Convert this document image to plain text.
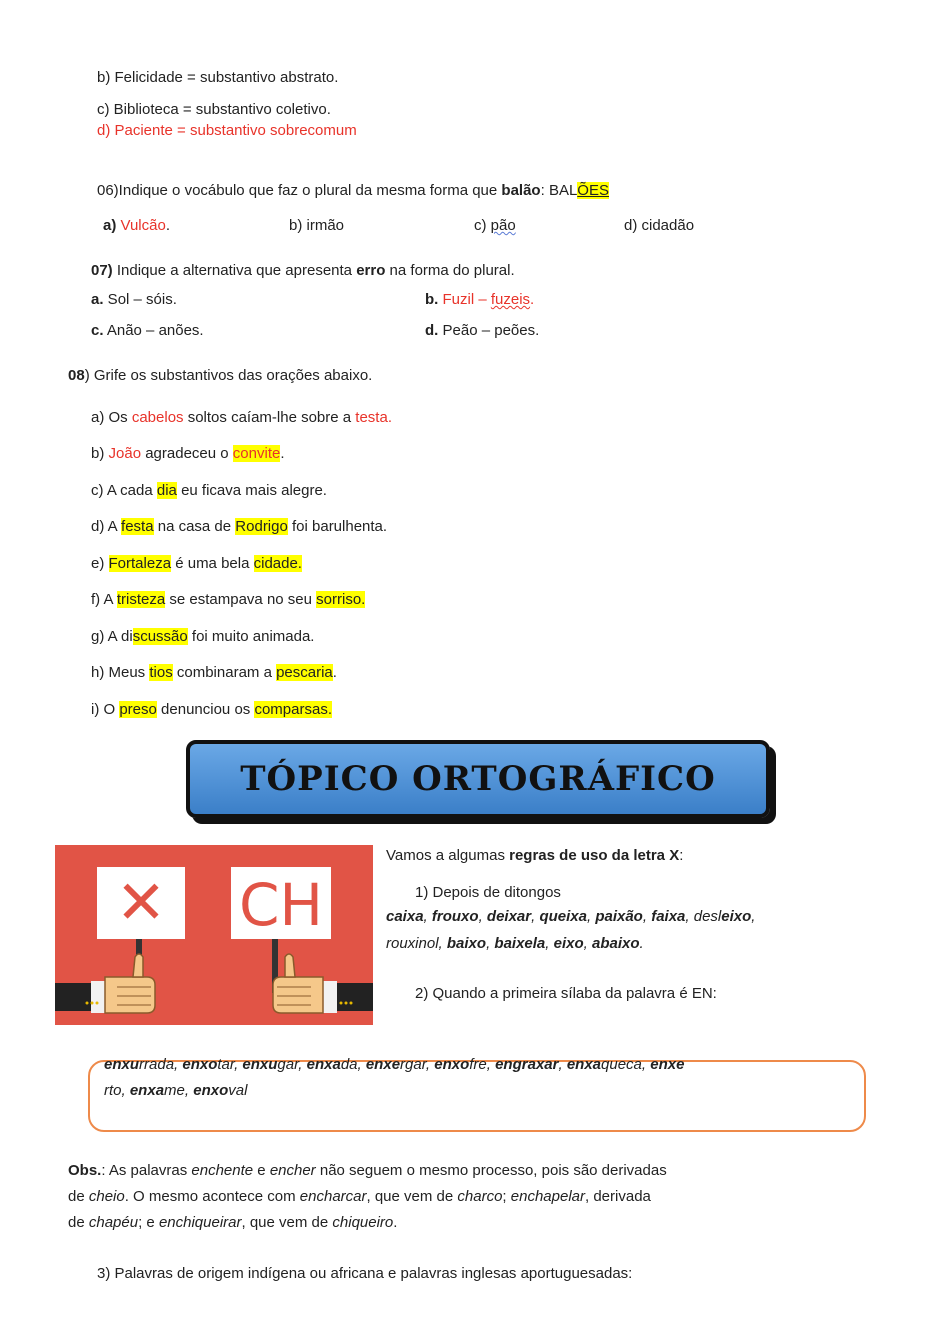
b) Felicidade = substantivo abstrato.
c) Biblioteca = substantivo coletivo.
d) Paciente = substantivo sobrecomum
06)Indique o vocábulo que faz o plural da mesma forma que balão: BALÕES
a) Vulcão.	b) irmão	c) pão	d) cidadão
07) Indique a alternativa que apresenta erro na forma do plural.
a. Sol – sóis.	b. Fuzil – fuzeis.
c. Anão – anões.	d. Peão – peões.
08) Grife os substantivos das orações abaixo.
a) Os cabelos soltos caíam-lhe sobre a testa.
b) João agradeceu o convite.
c) A cada dia eu ficava mais alegre.
d) A festa na casa de Rodrigo foi barulhenta.
e) Fortaleza é uma bela cidade.
f) A tristeza se estampava no seu sorriso.
g) A discussão foi muito animada.
h) Meus tios combinaram a pescaria.
i) O preso denunciou os comparsas.
TÓPICO ORTOGRÁFICO
✕ CH
Vamos a algumas regras de uso da letra X:
1) Depois de ditongos
caixa, frouxo, deixar, queixa, paixão, faixa, desleixo,
rouxinol, baixo, baixela, eixo, abaixo.
2) Quando a primeira sílaba da palavra é EN:
enxurrada, enxotar, enxugar, enxada, enxergar, enxofre, engraxar, enxaqueca, enxe
rto, enxame, enxoval
Obs.: As palavras enchente e encher não seguem o mesmo processo, pois são derivadas
de cheio. O mesmo acontece com encharcar, que vem de charco; enchapelar, derivada
de chapéu; e enchiqueirar, que vem de chiqueiro.
3) Palavras de origem indígena ou africana e palavras inglesas aportuguesadas:
